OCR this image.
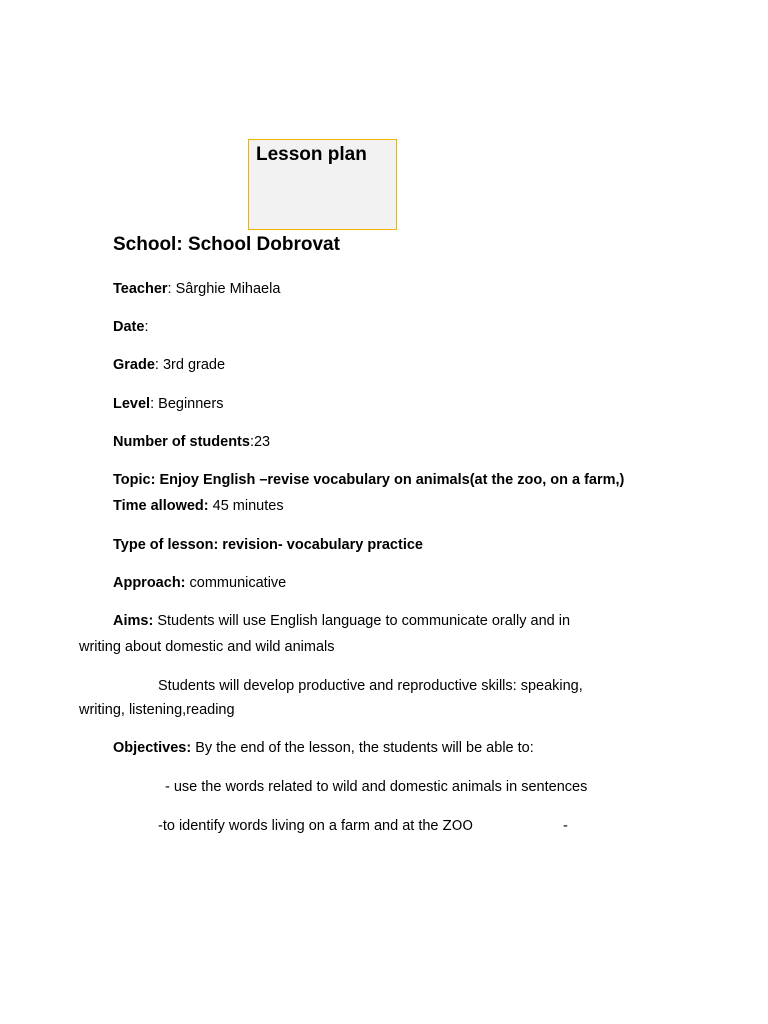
Lesson plan
School: School Dobrovat
Teacher: Sârghie Mihaela
Date:
Grade: 3rd grade
Level: Beginners
Number of students:23
Topic: Enjoy English –revise vocabulary on animals(at the zoo, on a farm,)
Time allowed: 45 minutes
Type of lesson: revision- vocabulary practice
Approach: communicative
Aims: Students will use English language to communicate orally and in
writing about domestic and wild animals
Students will develop productive and reproductive skills: speaking,
writing, listening,reading
Objectives: By the end of the lesson, the students will be able to:
- use the words related to wild and domestic animals in sentences
-to identify words living on a farm and at the ZOO	-
